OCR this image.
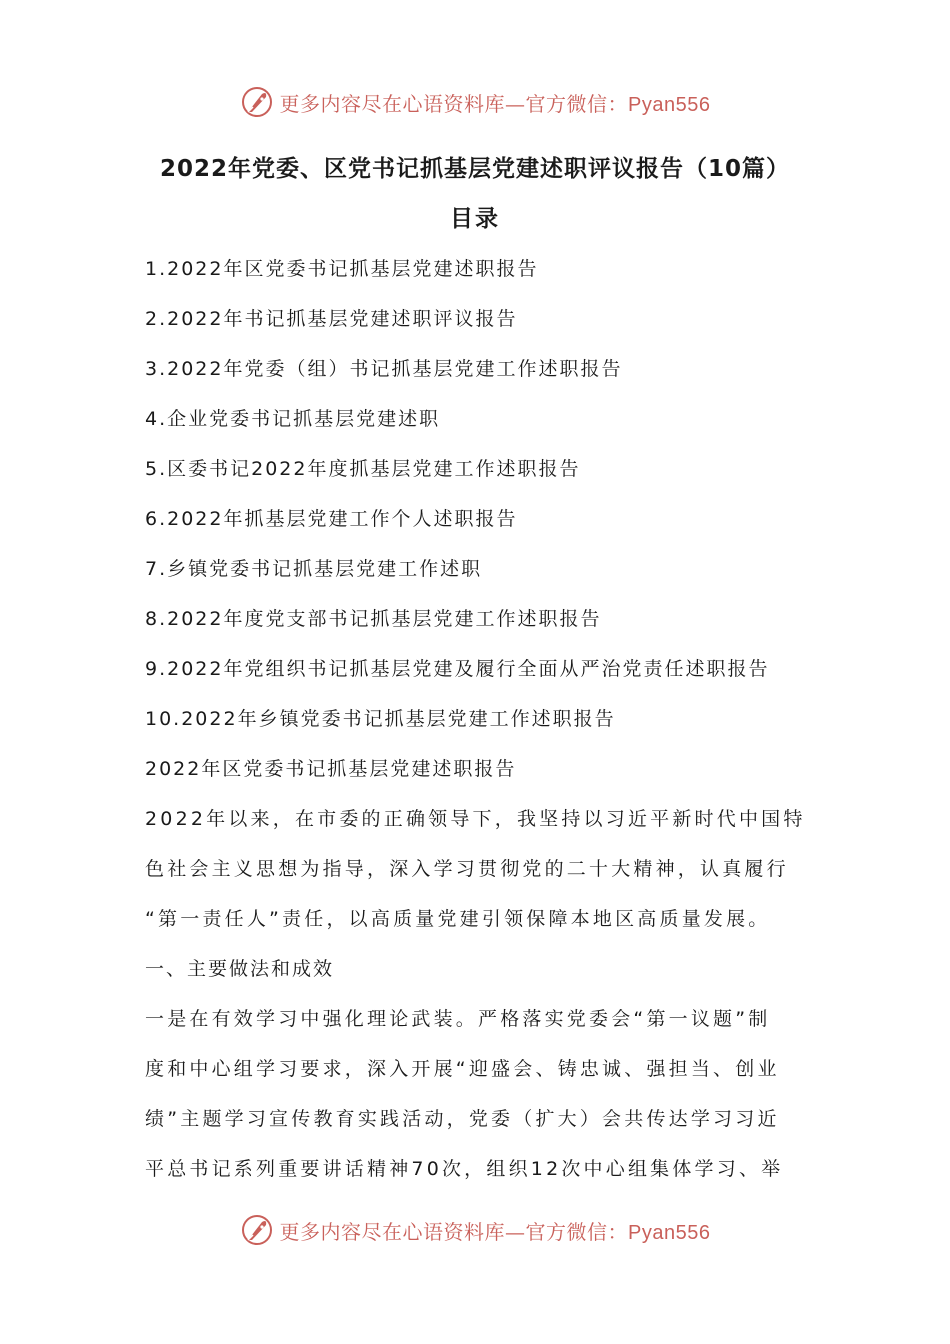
更多内容尽在心语资料库—官方微信：Pyan556
2022年党委、区党书记抓基层党建述职评议报告（10篇）
目录
1.2022年区党委书记抓基层党建述职报告
2.2022年书记抓基层党建述职评议报告
3.2022年党委（组）书记抓基层党建工作述职报告
4.企业党委书记抓基层党建述职
5.区委书记2022年度抓基层党建工作述职报告
6.2022年抓基层党建工作个人述职报告
7.乡镇党委书记抓基层党建工作述职
8.2022年度党支部书记抓基层党建工作述职报告
9.2022年党组织书记抓基层党建及履行全面从严治党责任述职报告
10.2022年乡镇党委书记抓基层党建工作述职报告
2022年区党委书记抓基层党建述职报告
2022年以来，在市委的正确领导下，我坚持以习近平新时代中国特
色社会主义思想为指导，深入学习贯彻党的二十大精神，认真履行
“第一责任人”责任，以高质量党建引领保障本地区高质量发展。
一、主要做法和成效
一是在有效学习中强化理论武装。严格落实党委会“第一议题”制
度和中心组学习要求，深入开展“迎盛会、铸忠诚、强担当、创业
绩”主题学习宣传教育实践活动，党委（扩大）会共传达学习习近
平总书记系列重要讲话精神70次，组织12次中心组集体学习、举
更多内容尽在心语资料库—官方微信：Pyan556
